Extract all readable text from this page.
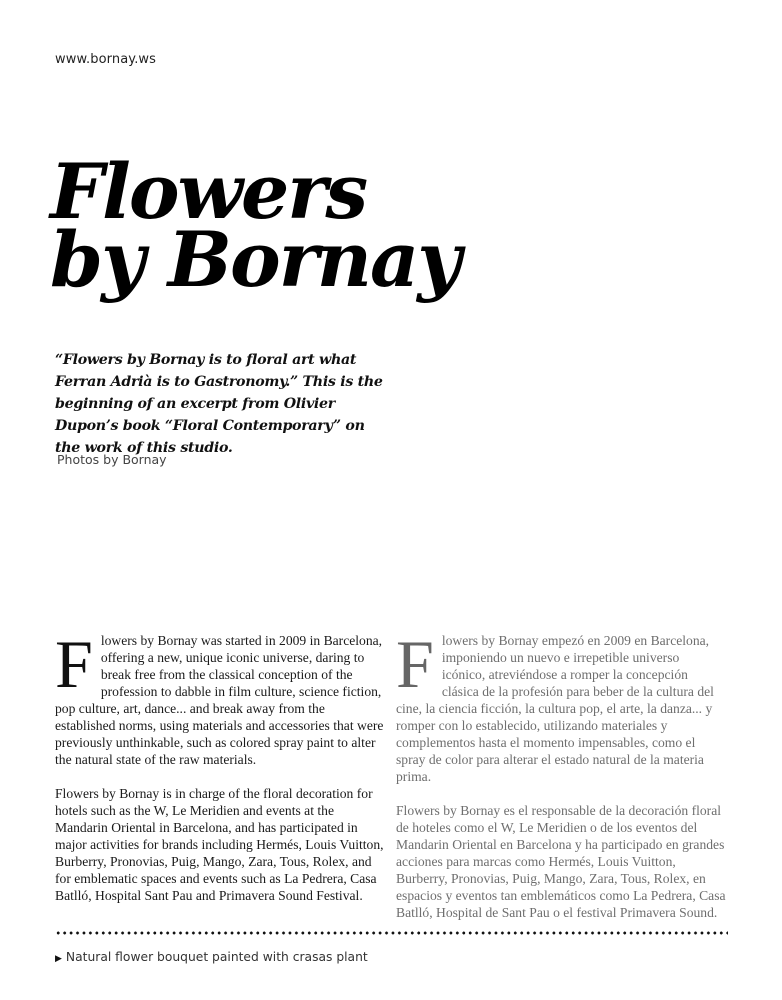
www.bornay.ws
Flowers
by Bornay
“Flowers by Bornay is to floral art what Ferran Adrià is to Gastronomy.” This is the beginning of an excerpt from Olivier Dupon’s book “Floral Contemporary” on the work of this studio.
Photos by Bornay

Flowers by Bornay was started in 2009 in Barcelona, offering a new, unique iconic universe, daring to break free from the classical conception of the profession to dabble in film culture, science fiction, pop culture, art, dance... and break away from the established norms, using materials and accessories that were previously unthinkable, such as colored spray paint to alter the natural state of the raw materials.

Flowers by Bornay is in charge of the floral decoration for hotels such as the W, Le Meridien and events at the Mandarin Oriental in Barcelona, and has participated in major activities for brands including Hermés, Louis Vuitton, Burberry, Pronovias, Puig, Mango, Zara, Tous, Rolex, and for emblematic spaces and events such as La Pedrera, Casa Batlló, Hospital Sant Pau and Primavera Sound Festival.

Flowers by Bornay empezó en 2009 en Barcelona, imponiendo un nuevo e irrepetible universo icónico, atreviéndose a romper la concepción clásica de la profesión para beber de la cultura del cine, la ciencia ficción, la cultura pop, el arte, la danza... y romper con lo establecido, utilizando materiales y complementos hasta el momento impensables, como el spray de color para alterar el estado natural de la materia prima.

Flowers by Bornay es el responsable de la decoración floral de hoteles como el W, Le Meridien o de los eventos del Mandarin Oriental en Barcelona y ha participado en grandes acciones para marcas como Hermés, Louis Vuitton, Burberry, Pronovias, Puig, Mango, Zara, Tous, Rolex, en espacios y eventos tan emblemáticos como La Pedrera, Casa Batlló, Hospital de Sant Pau o el festival Primavera Sound.

▶ Natural flower bouquet painted with crasas plant
